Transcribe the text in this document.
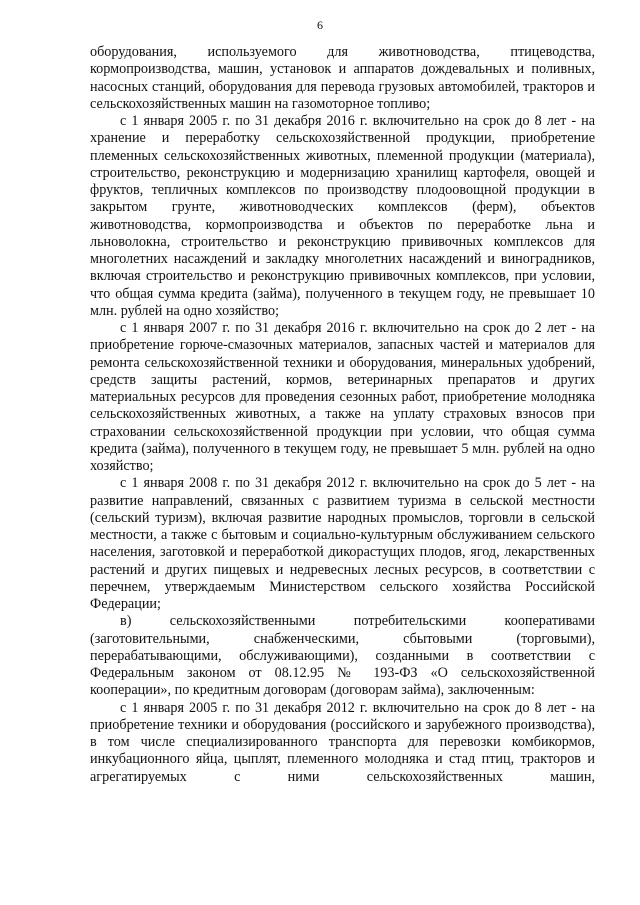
6

оборудования, используемого для животноводства, птицеводства, кормопроизводства, машин, установок и аппаратов дождевальных и поливных, насосных станций, оборудования для перевода грузовых автомобилей, тракторов и сельскохозяйственных машин на газомоторное топливо;

с 1 января 2005 г. по 31 декабря 2016 г. включительно на срок до 8 лет - на хранение и переработку сельскохозяйственной продукции, приобретение племенных сельскохозяйственных животных, племенной продукции (материала), строительство, реконструкцию и модернизацию хранилищ картофеля, овощей и фруктов, тепличных комплексов по производству плодоовощной продукции в закрытом грунте, животноводческих комплексов (ферм), объектов животноводства, кормопроизводства и объектов по переработке льна и льноволокна, строительство и реконструкцию прививочных комплексов для многолетних насаждений и закладку многолетних насаждений и виноградников, включая строительство и реконструкцию прививочных комплексов, при условии, что общая сумма кредита (займа), полученного в текущем году, не превышает 10 млн. рублей на одно хозяйство;

с 1 января 2007 г. по 31 декабря 2016 г. включительно на срок до 2 лет - на приобретение горюче-смазочных материалов, запасных частей и материалов для ремонта сельскохозяйственной техники и оборудования, минеральных удобрений, средств защиты растений, кормов, ветеринарных препаратов и других материальных ресурсов для проведения сезонных работ, приобретение молодняка сельскохозяйственных животных, а также на уплату страховых взносов при страховании сельскохозяйственной продукции при условии, что общая сумма кредита (займа), полученного в текущем году, не превышает 5 млн. рублей на одно хозяйство;

с 1 января 2008 г. по 31 декабря 2012 г. включительно на срок до 5 лет - на развитие направлений, связанных с развитием туризма в сельской местности (сельский туризм), включая развитие народных промыслов, торговли в сельской местности, а также с бытовым и социально-культурным обслуживанием сельского населения, заготовкой и переработкой дикорастущих плодов, ягод, лекарственных растений и других пищевых и недревесных лесных ресурсов, в соответствии с перечнем, утверждаемым Министерством сельского хозяйства Российской Федерации;

в) сельскохозяйственными потребительскими кооперативами (заготовительными, снабженческими, сбытовыми (торговыми), перерабатывающими, обслуживающими), созданными в соответствии с Федеральным законом от 08.12.95 № 193-ФЗ «О сельскохозяйственной кооперации», по кредитным договорам (договорам займа), заключенным:

с 1 января 2005 г. по 31 декабря 2012 г. включительно на срок до 8 лет - на приобретение техники и оборудования (российского и зарубежного производства), в том числе специализированного транспорта для перевозки комбикормов, инкубационного яйца, цыплят, племенного молодняка и стад птиц, тракторов и агрегатируемых с ними сельскохозяйственных машин,
